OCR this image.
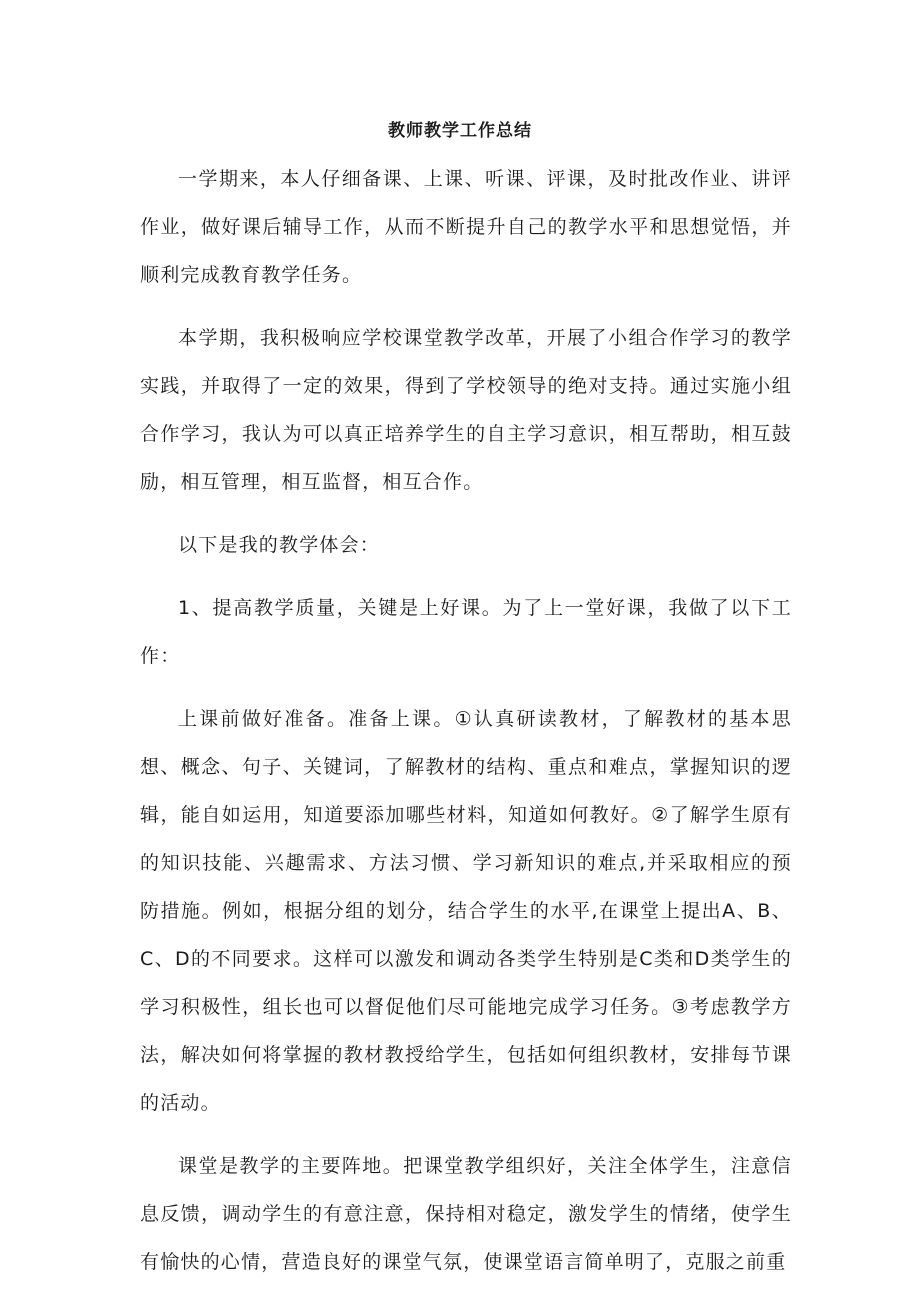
教师教学工作总结

一学期来，本人仔细备课、上课、听课、评课，及时批改作业、讲评作业，做好课后辅导工作，从而不断提升自己的教学水平和思想觉悟，并顺利完成教育教学任务。

本学期，我积极响应学校课堂教学改革，开展了小组合作学习的教学实践，并取得了一定的效果，得到了学校领导的绝对支持。通过实施小组合作学习，我认为可以真正培养学生的自主学习意识，相互帮助，相互鼓励，相互管理，相互监督，相互合作。

以下是我的教学体会：

1、提高教学质量，关键是上好课。为了上一堂好课，我做了以下工作：

上课前做好准备。准备上课。①认真研读教材，了解教材的基本思想、概念、句子、关键词，了解教材的结构、重点和难点，掌握知识的逻辑，能自如运用，知道要添加哪些材料，知道如何教好。②了解学生原有的知识技能、兴趣需求、方法习惯、学习新知识的难点,并采取相应的预防措施。例如，根据分组的划分，结合学生的水平,在课堂上提出A、B、C、D的不同要求。这样可以激发和调动各类学生特别是C类和D类学生的学习积极性，组长也可以督促他们尽可能地完成学习任务。③考虑教学方法，解决如何将掌握的教材教授给学生，包括如何组织教材，安排每节课的活动。

课堂是教学的主要阵地。把课堂教学组织好，关注全体学生，注意信息反馈，调动学生的有意注意，保持相对稳定，激发学生的情绪，使学生有愉快的心情，营造良好的课堂气氛，使课堂语言简单明了，克服之前重
